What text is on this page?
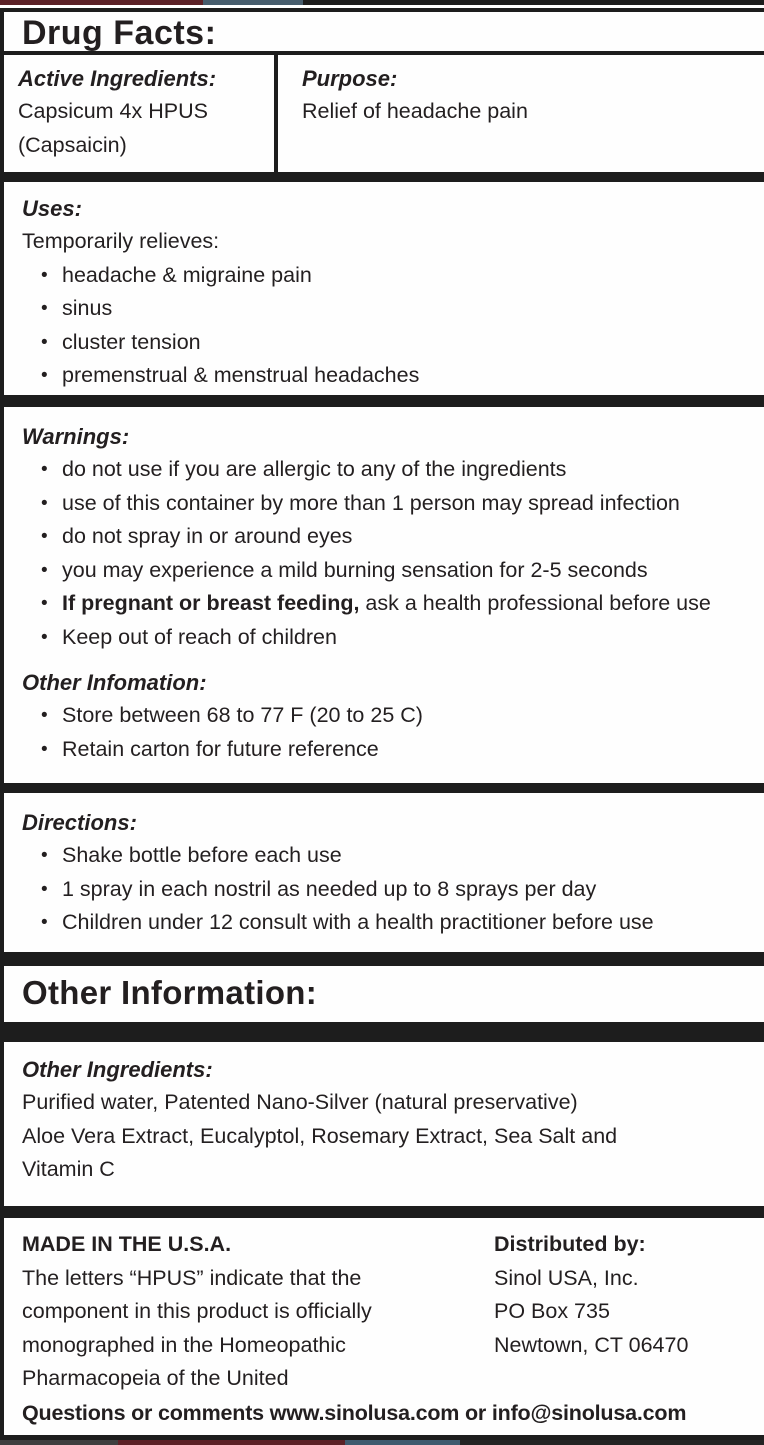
Drug Facts:
Active Ingredients:
Capsicum 4x HPUS
(Capsaicin)
Purpose:
Relief of headache pain
Uses:
Temporarily relieves:
• headache & migraine pain
• sinus
• cluster tension
• premenstrual & menstrual headaches
Warnings:
• do not use if you are allergic to any of the ingredients
• use of this container by more than 1 person may spread infection
• do not spray in or around eyes
• you may experience a mild burning sensation for 2-5 seconds
• If pregnant or breast feeding, ask a health professional before use
• Keep out of reach of children
Other Infomation:
• Store between 68 to 77 F (20 to 25 C)
• Retain carton for future reference
Directions:
• Shake bottle before each use
• 1 spray in each nostril as needed up to 8 sprays per day
• Children under 12 consult with a health practitioner before use
Other Information:
Other Ingredients:
Purified water, Patented Nano-Silver (natural preservative)
Aloe Vera Extract, Eucalyptol, Rosemary Extract, Sea Salt and
Vitamin C
MADE IN THE U.S.A.
The letters “HPUS” indicate that the
component in this product is officially
monographed in the Homeopathic
Pharmacopeia of the United
Distributed by:
Sinol USA, Inc.
PO Box 735
Newtown, CT 06470
Questions or comments www.sinolusa.com or info@sinolusa.com
